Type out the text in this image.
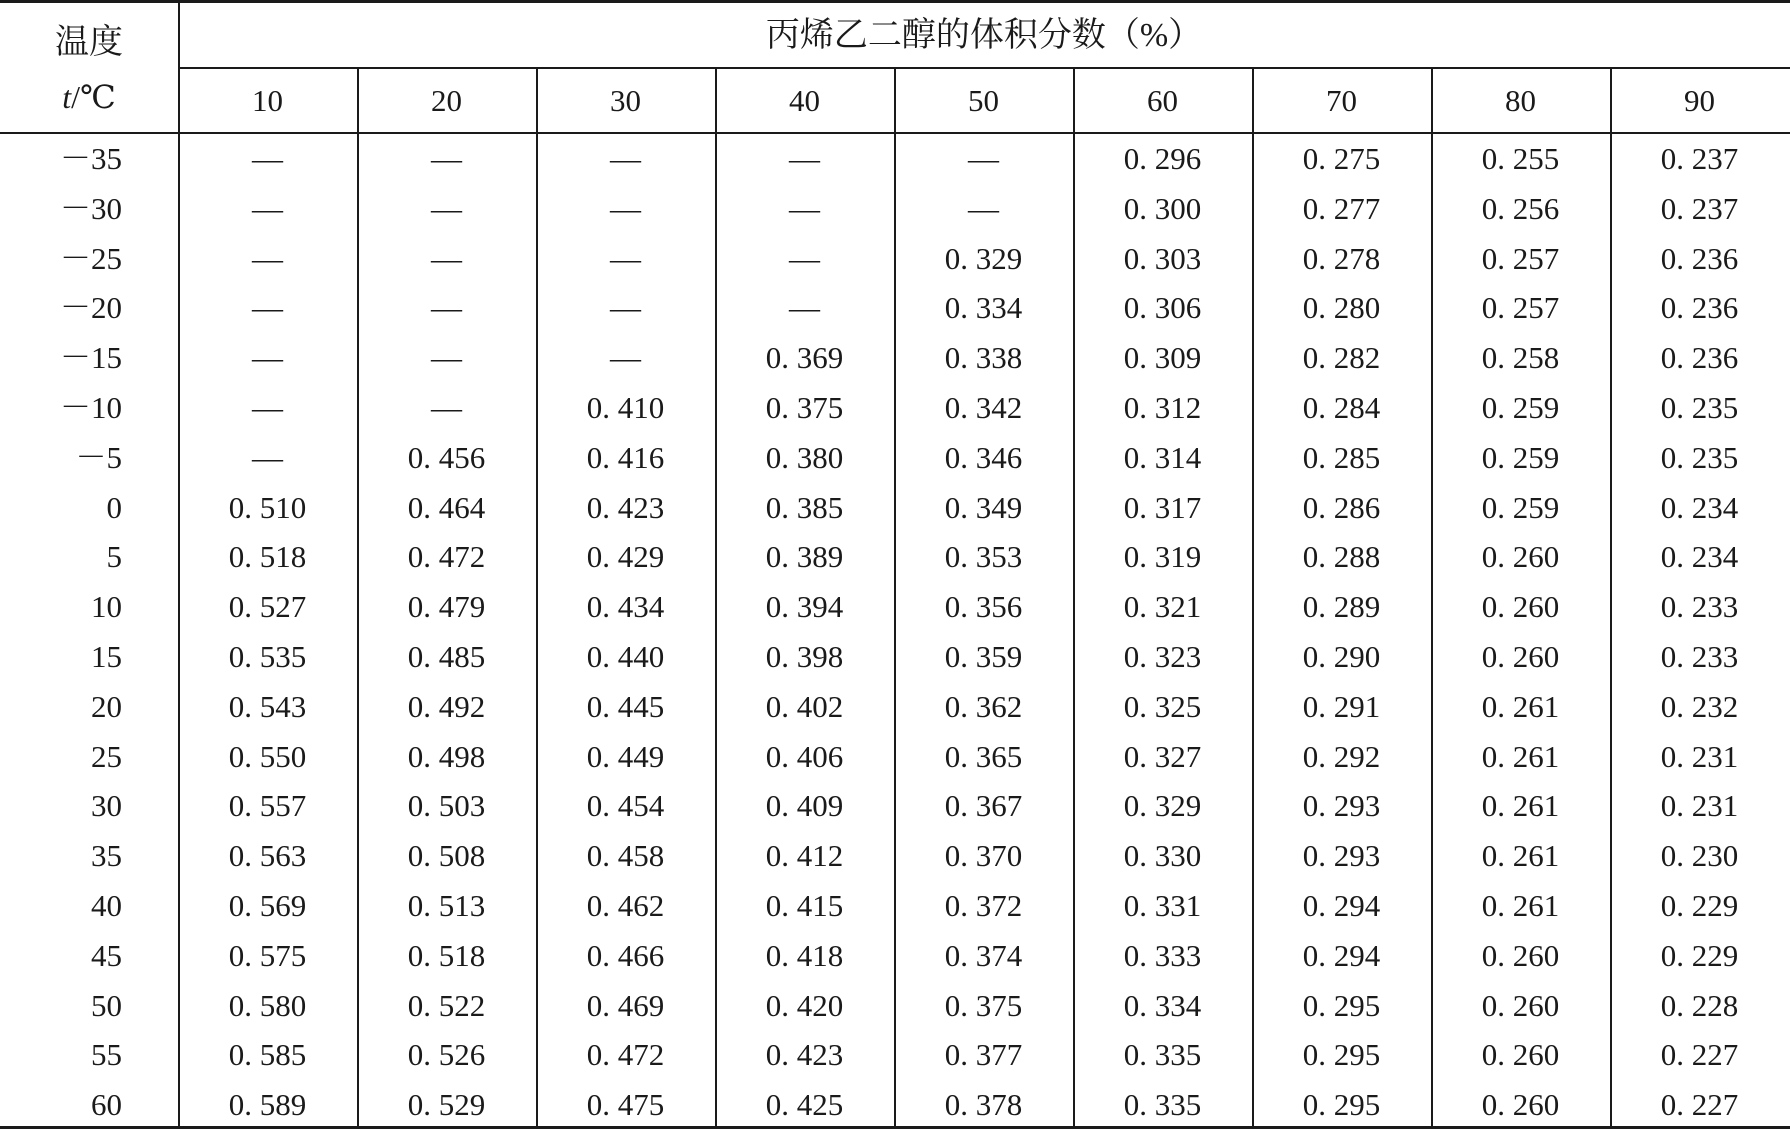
温度
t/℃
丙烯乙二醇的体积分数（%）
10	20	30	40	50	60	70	80	90
－35	—	—	—	—	—	0. 296	0. 275	0. 255	0. 237
－30	—	—	—	—	—	0. 300	0. 277	0. 256	0. 237
－25	—	—	—	—	0. 329	0. 303	0. 278	0. 257	0. 236
－20	—	—	—	—	0. 334	0. 306	0. 280	0. 257	0. 236
－15	—	—	—	0. 369	0. 338	0. 309	0. 282	0. 258	0. 236
－10	—	—	0. 410	0. 375	0. 342	0. 312	0. 284	0. 259	0. 235
－5	—	0. 456	0. 416	0. 380	0. 346	0. 314	0. 285	0. 259	0. 235
0	0. 510	0. 464	0. 423	0. 385	0. 349	0. 317	0. 286	0. 259	0. 234
5	0. 518	0. 472	0. 429	0. 389	0. 353	0. 319	0. 288	0. 260	0. 234
10	0. 527	0. 479	0. 434	0. 394	0. 356	0. 321	0. 289	0. 260	0. 233
15	0. 535	0. 485	0. 440	0. 398	0. 359	0. 323	0. 290	0. 260	0. 233
20	0. 543	0. 492	0. 445	0. 402	0. 362	0. 325	0. 291	0. 261	0. 232
25	0. 550	0. 498	0. 449	0. 406	0. 365	0. 327	0. 292	0. 261	0. 231
30	0. 557	0. 503	0. 454	0. 409	0. 367	0. 329	0. 293	0. 261	0. 231
35	0. 563	0. 508	0. 458	0. 412	0. 370	0. 330	0. 293	0. 261	0. 230
40	0. 569	0. 513	0. 462	0. 415	0. 372	0. 331	0. 294	0. 261	0. 229
45	0. 575	0. 518	0. 466	0. 418	0. 374	0. 333	0. 294	0. 260	0. 229
50	0. 580	0. 522	0. 469	0. 420	0. 375	0. 334	0. 295	0. 260	0. 228
55	0. 585	0. 526	0. 472	0. 423	0. 377	0. 335	0. 295	0. 260	0. 227
60	0. 589	0. 529	0. 475	0. 425	0. 378	0. 335	0. 295	0. 260	0. 227
